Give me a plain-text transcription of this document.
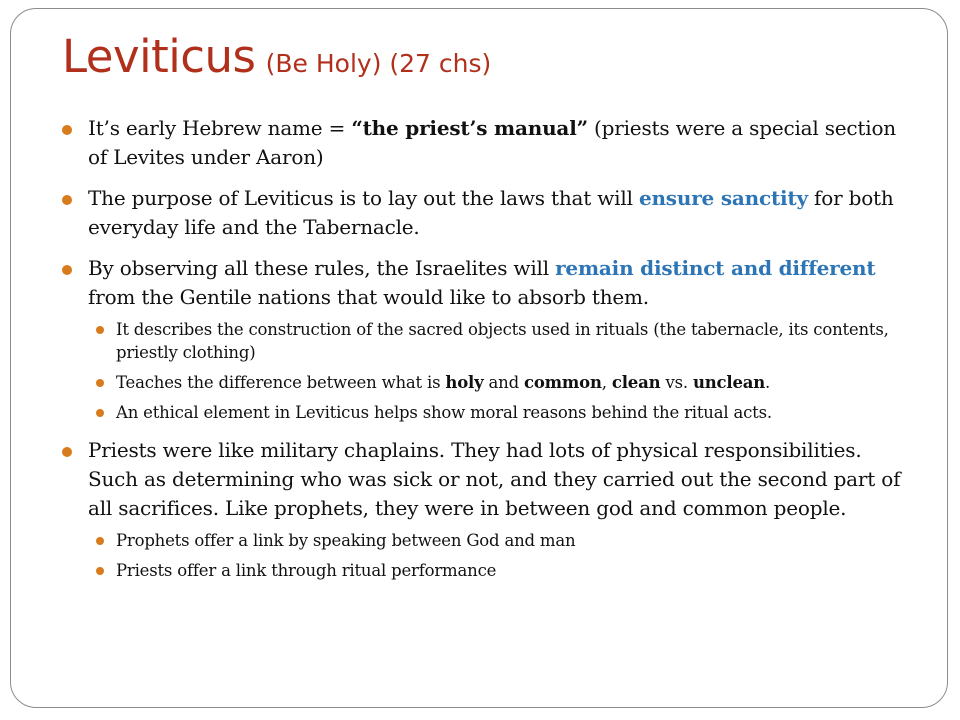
Leviticus (Be Holy) (27 chs)
It’s early Hebrew name = “the priest’s manual” (priests were a special section of Levites under Aaron)
The purpose of Leviticus is to lay out the laws that will ensure sanctity for both everyday life and the Tabernacle.
By observing all these rules, the Israelites will remain distinct and different from the Gentile nations that would like to absorb them.
It describes the construction of the sacred objects used in rituals (the tabernacle, its contents, priestly clothing)
Teaches the difference between what is holy and common, clean vs. unclean.
An ethical element in Leviticus helps show moral reasons behind the ritual acts.
Priests were like military chaplains. They had lots of physical responsibilities. Such as determining who was sick or not, and they carried out the second part of all sacrifices. Like prophets, they were in between god and common people.
Prophets offer a link by speaking between God and man
Priests offer a link through ritual performance
